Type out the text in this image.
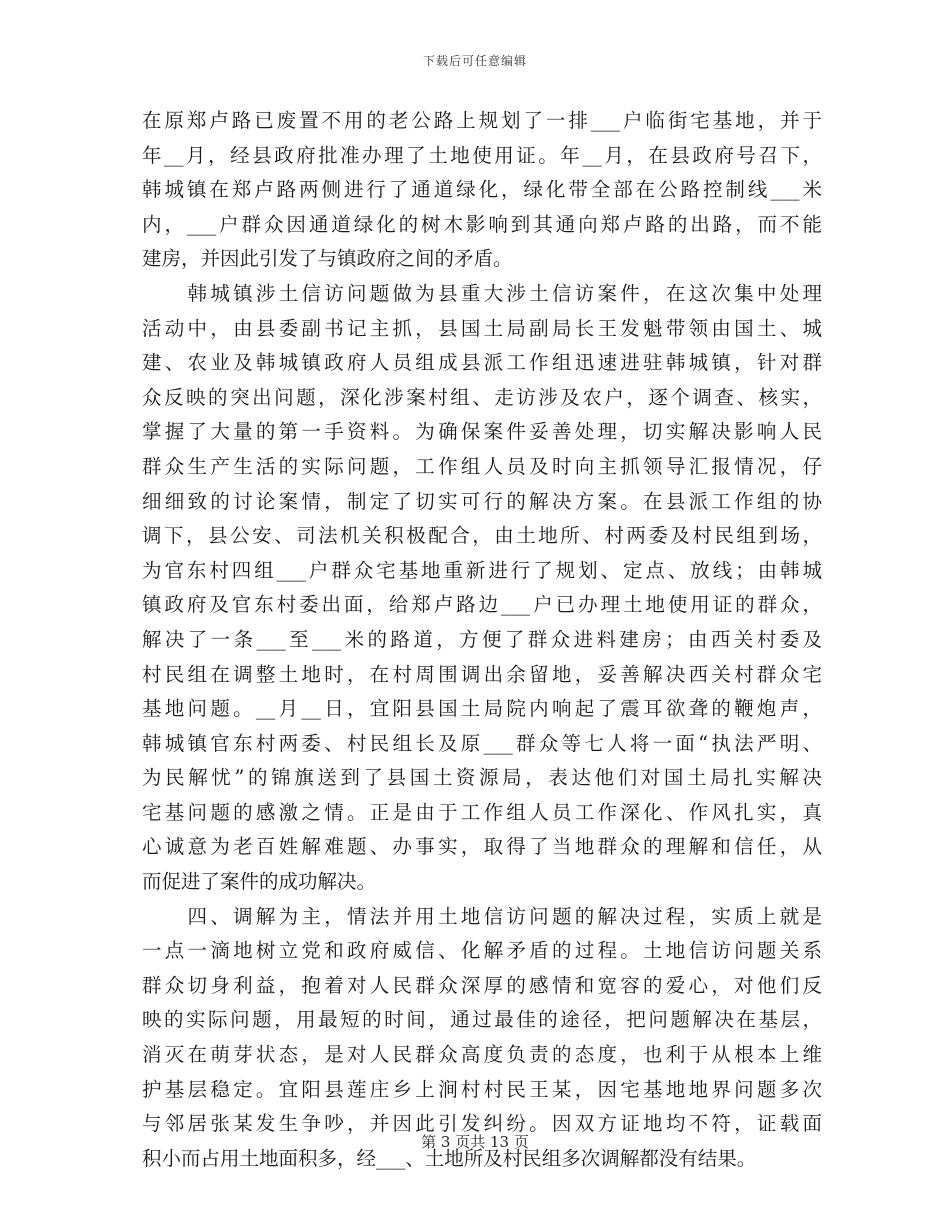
下载后可任意编辑
在原郑卢路已废置不用的老公路上规划了一排___户临街宅基地，并于
年__月，经县政府批准办理了土地使用证。年__月，在县政府号召下，
韩城镇在郑卢路两侧进行了通道绿化，绿化带全部在公路控制线___米
内，___户群众因通道绿化的树木影响到其通向郑卢路的出路，而不能
建房，并因此引发了与镇政府之间的矛盾。
　　韩城镇涉土信访问题做为县重大涉土信访案件，在这次集中处理
活动中，由县委副书记主抓，县国土局副局长王发魁带领由国土、城
建、农业及韩城镇政府人员组成县派工作组迅速进驻韩城镇，针对群
众反映的突出问题，深化涉案村组、走访涉及农户，逐个调查、核实，
掌握了大量的第一手资料。为确保案件妥善处理，切实解决影响人民
群众生产生活的实际问题，工作组人员及时向主抓领导汇报情况，仔
细细致的讨论案情，制定了切实可行的解决方案。在县派工作组的协
调下，县公安、司法机关积极配合，由土地所、村两委及村民组到场，
为官东村四组___户群众宅基地重新进行了规划、定点、放线；由韩城
镇政府及官东村委出面，给郑卢路边___户已办理土地使用证的群众，
解决了一条___至___米的路道，方便了群众进料建房；由西关村委及
村民组在调整土地时，在村周围调出余留地，妥善解决西关村群众宅
基地问题。__月__日，宜阳县国土局院内响起了震耳欲聋的鞭炮声，
韩城镇官东村两委、村民组长及原___群众等七人将一面“执法严明、
为民解忧”的锦旗送到了县国土资源局，表达他们对国土局扎实解决
宅基问题的感激之情。正是由于工作组人员工作深化、作风扎实，真
心诚意为老百姓解难题、办事实，取得了当地群众的理解和信任，从
而促进了案件的成功解决。
　　四、调解为主，情法并用土地信访问题的解决过程，实质上就是
一点一滴地树立党和政府威信、化解矛盾的过程。土地信访问题关系
群众切身利益，抱着对人民群众深厚的感情和宽容的爱心，对他们反
映的实际问题，用最短的时间，通过最佳的途径，把问题解决在基层，
消灭在萌芽状态，是对人民群众高度负责的态度，也利于从根本上维
护基层稳定。宜阳县莲庄乡上涧村村民王某，因宅基地地界问题多次
与邻居张某发生争吵，并因此引发纠纷。因双方证地均不符，证载面
积小而占用土地面积多，经___、土地所及村民组多次调解都没有结果。
第 3 页共 13 页
